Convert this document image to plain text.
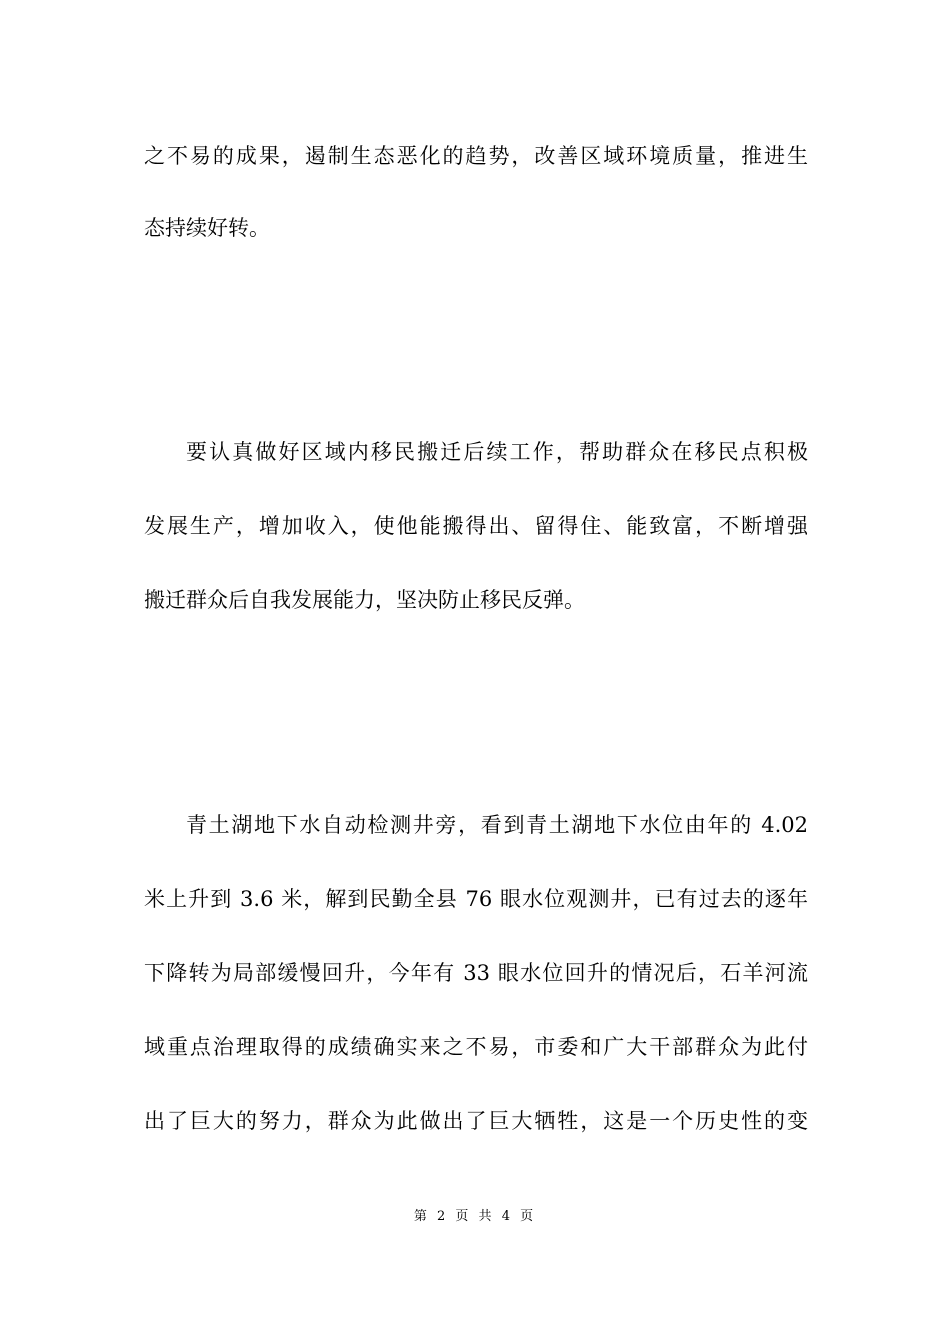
之不易的成果，遏制生态恶化的趋势，改善区域环境质量，推进生
态持续好转。
要认真做好区域内移民搬迁后续工作，帮助群众在移民点积极
发展生产，增加收入，使他能搬得出、留得住、能致富，不断增强
搬迁群众后自我发展能力，坚决防止移民反弹。
青土湖地下水自动检测井旁，看到青土湖地下水位由年的 4.02
米上升到 3.6 米，解到民勤全县 76 眼水位观测井，已有过去的逐年
下降转为局部缓慢回升，今年有 33 眼水位回升的情况后，石羊河流
域重点治理取得的成绩确实来之不易，市委和广大干部群众为此付
出了巨大的努力，群众为此做出了巨大牺牲，这是一个历史性的变
第 2 页 共 4 页
